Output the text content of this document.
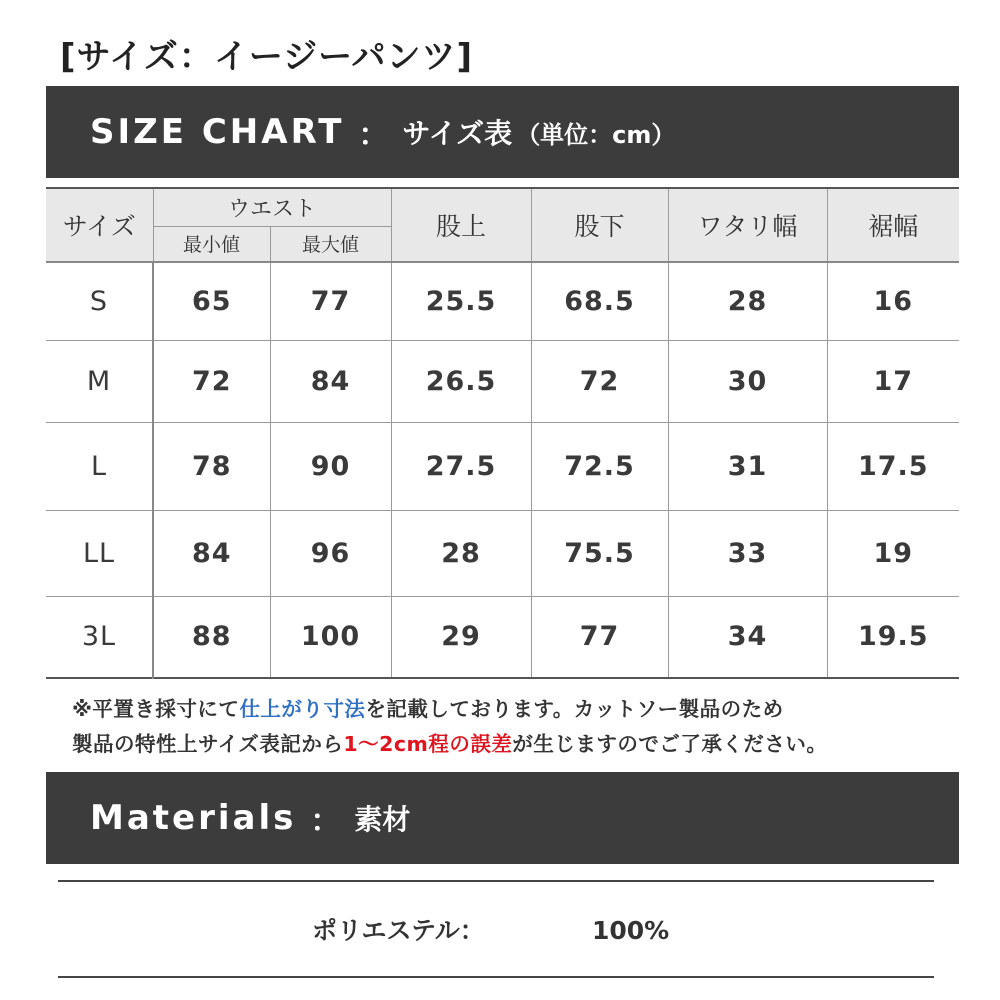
[サイズ：イージーパンツ]
SIZE CHART ： サイズ表 （単位：cm）
サイズ	ウエスト		股上	股下	ワタリ幅	裾幅
	最小値	最大値				
S	65	77	25.5	68.5	28	16
M	72	84	26.5	72	30	17
L	78	90	27.5	72.5	31	17.5
LL	84	96	28	75.5	33	19
3L	88	100	29	77	34	19.5
※平置き採寸にて仕上がり寸法を記載しております。カットソー製品のため
製品の特性上サイズ表記から1〜2cm程の誤差が生じますのでご了承ください。
Materials ： 素材
ポリエステル：	100%
